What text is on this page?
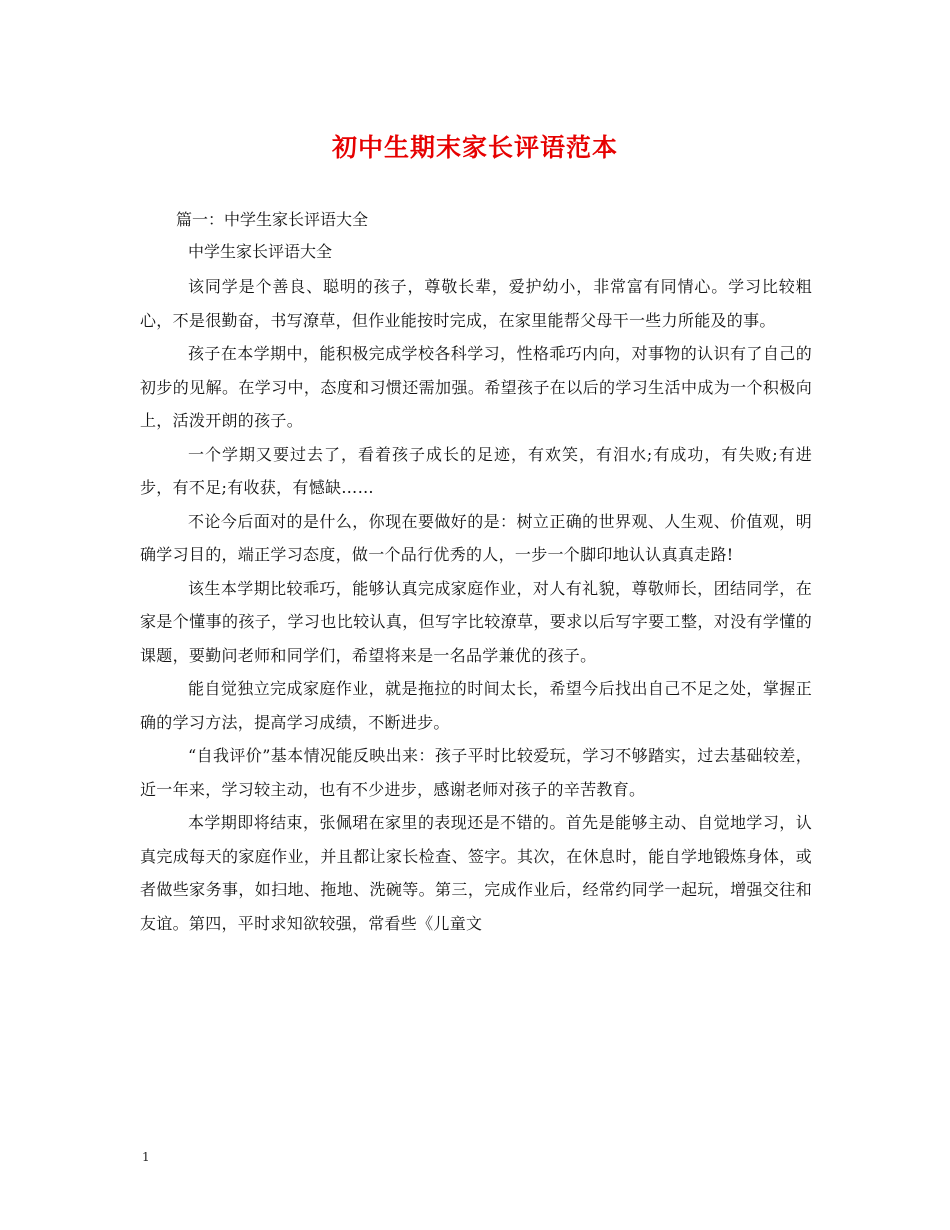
初中生期末家长评语范本

篇一：中学生家长评语大全

中学生家长评语大全

该同学是个善良、聪明的孩子，尊敬长辈，爱护幼小，非常富有同情心。学习比较粗心，不是很勤奋，书写潦草，但作业能按时完成，在家里能帮父母干一些力所能及的事。

孩子在本学期中，能积极完成学校各科学习，性格乖巧内向，对事物的认识有了自己的初步的见解。在学习中，态度和习惯还需加强。希望孩子在以后的学习生活中成为一个积极向上，活泼开朗的孩子。

一个学期又要过去了，看着孩子成长的足迹，有欢笑，有泪水;有成功，有失败;有进步，有不足;有收获，有憾缺……

不论今后面对的是什么，你现在要做好的是：树立正确的世界观、人生观、价值观，明确学习目的，端正学习态度，做一个品行优秀的人，一步一个脚印地认认真真走路!

该生本学期比较乖巧，能够认真完成家庭作业，对人有礼貌，尊敬师长，团结同学，在家是个懂事的孩子，学习也比较认真，但写字比较潦草，要求以后写字要工整，对没有学懂的课题，要勤问老师和同学们，希望将来是一名品学兼优的孩子。

能自觉独立完成家庭作业，就是拖拉的时间太长，希望今后找出自己不足之处，掌握正确的学习方法，提高学习成绩，不断进步。

“自我评价”基本情况能反映出来：孩子平时比较爱玩，学习不够踏实，过去基础较差，近一年来，学习较主动，也有不少进步，感谢老师对孩子的辛苦教育。

本学期即将结束，张佩珺在家里的表现还是不错的。首先是能够主动、自觉地学习，认真完成每天的家庭作业，并且都让家长检查、签字。其次，在休息时，能自学地锻炼身体，或者做些家务事，如扫地、拖地、洗碗等。第三，完成作业后，经常约同学一起玩，增强交往和友谊。第四，平时求知欲较强，常看些《儿童文

1
